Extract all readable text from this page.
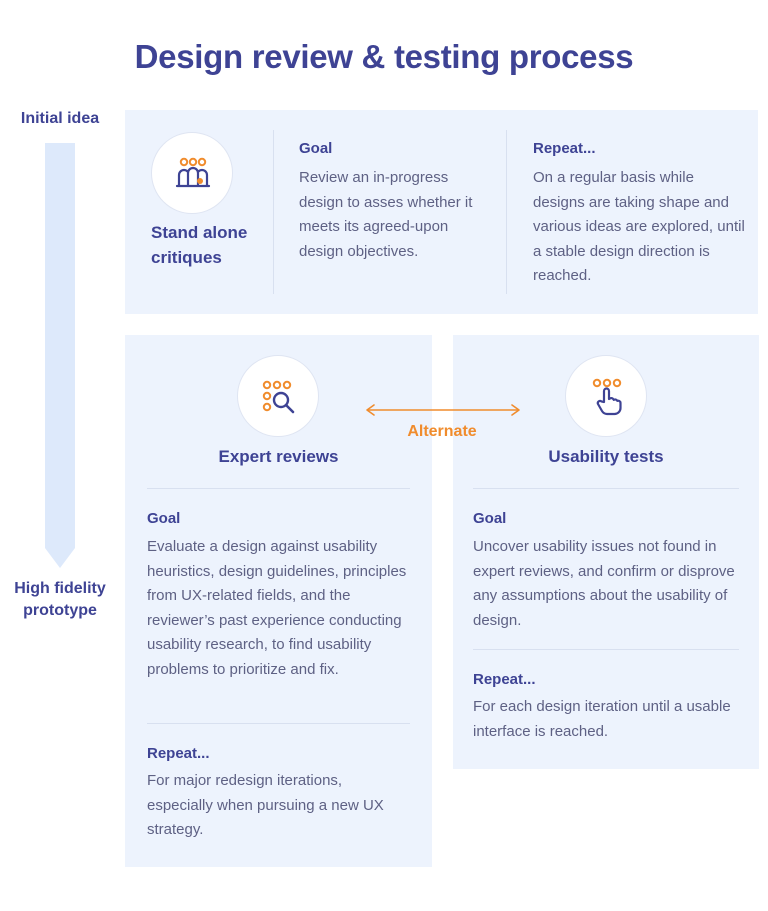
Design review & testing process
Initial idea
High fidelity prototype
Stand alone critiques
Goal
Review an in-progress design to asses whether it meets its agreed-upon design objectives.
Repeat...
On a regular basis while designs are taking shape and various ideas are explored, until a stable design direction is reached.
Expert reviews
Goal
Evaluate a design against usability heuristics, design guidelines, principles from UX-related fields, and the reviewer’s past experience conducting usability research, to find usability problems to prioritize and fix.
Repeat...
For major redesign iterations, especially when pursuing a new UX strategy.
Usability tests
Goal
Uncover usability issues not found in expert reviews, and confirm or disprove any assumptions about the usability of design.
Repeat...
For each design iteration until a usable interface is reached.
Alternate
